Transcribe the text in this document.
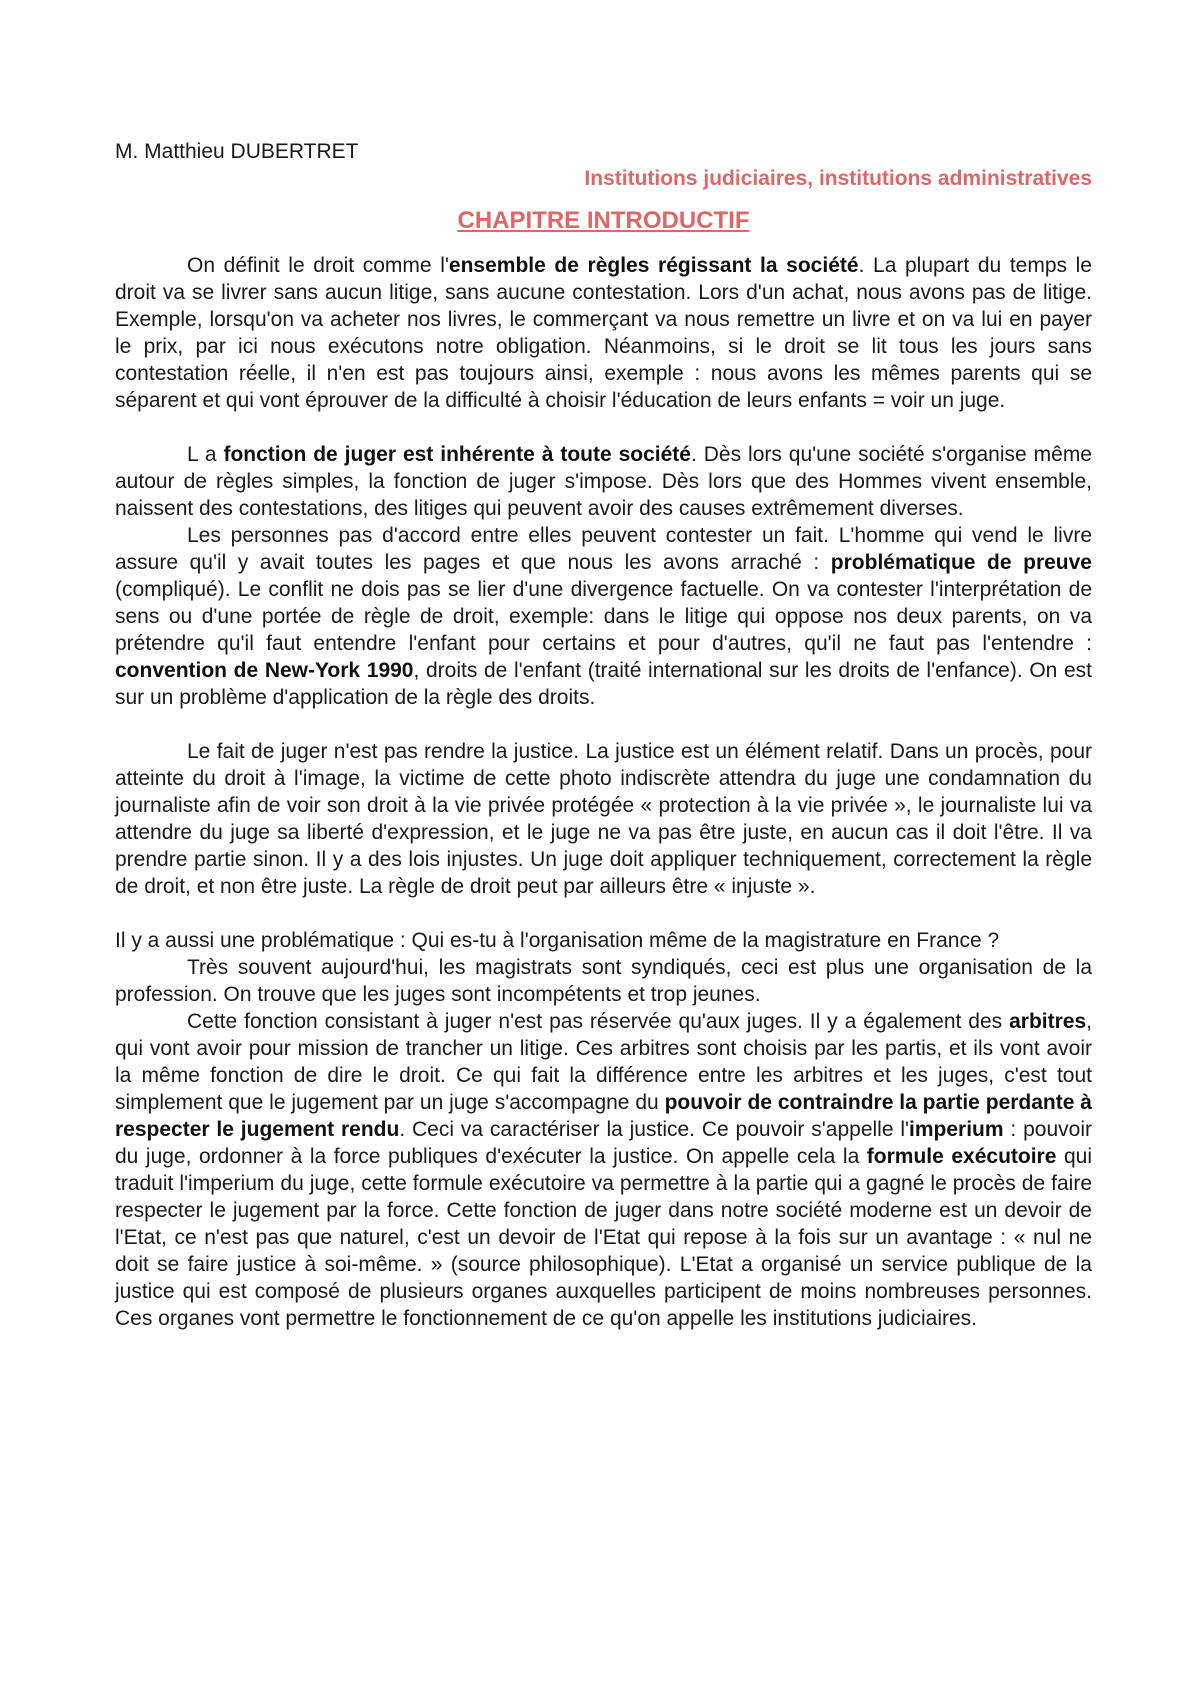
M. Matthieu DUBERTRET

Institutions judiciaires, institutions administratives

CHAPITRE INTRODUCTIF

On définit le droit comme l'ensemble de règles régissant la société. La plupart du temps le droit va se livrer sans aucun litige, sans aucune contestation. Lors d'un achat, nous avons pas de litige. Exemple, lorsqu'on va acheter nos livres, le commerçant va nous remettre un livre et on va lui en payer le prix, par ici nous exécutons notre obligation. Néanmoins, si le droit se lit tous les jours sans contestation réelle, il n'en est pas toujours ainsi, exemple : nous avons les mêmes parents qui se séparent et qui vont éprouver de la difficulté à choisir l'éducation de leurs enfants = voir un juge.

L a fonction de juger est inhérente à toute société. Dès lors qu'une société s'organise même autour de règles simples, la fonction de juger s'impose. Dès lors que des Hommes vivent ensemble, naissent des contestations, des litiges qui peuvent avoir des causes extrêmement diverses.

Les personnes pas d'accord entre elles peuvent contester un fait. L'homme qui vend le livre assure qu'il y avait toutes les pages et que nous les avons arraché : problématique de preuve (compliqué). Le conflit ne dois pas se lier d'une divergence factuelle. On va contester l'interprétation de sens ou d'une portée de règle de droit, exemple: dans le litige qui oppose nos deux parents, on va prétendre qu'il faut entendre l'enfant pour certains et pour d'autres, qu'il ne faut pas l'entendre : convention de New-York 1990, droits de l'enfant (traité international sur les droits de l'enfance). On est sur un problème d'application de la règle des droits.

Le fait de juger n'est pas rendre la justice. La justice est un élément relatif. Dans un procès, pour atteinte du droit à l'image, la victime de cette photo indiscrète attendra du juge une condamnation du journaliste afin de voir son droit à la vie privée protégée « protection à la vie privée », le journaliste lui va attendre du juge sa liberté d'expression, et le juge ne va pas être juste, en aucun cas il doit l'être. Il va prendre partie sinon. Il y a des lois injustes. Un juge doit appliquer techniquement, correctement la règle de droit, et non être juste. La règle de droit peut par ailleurs être « injuste ».

Il y a aussi une problématique : Qui es-tu à l'organisation même de la magistrature en France ?

Très souvent aujourd'hui, les magistrats sont syndiqués, ceci est plus une organisation de la profession. On trouve que les juges sont incompétents et trop jeunes.

Cette fonction consistant à juger n'est pas réservée qu'aux juges. Il y a également des arbitres, qui vont avoir pour mission de trancher un litige. Ces arbitres sont choisis par les partis, et ils vont avoir la même fonction de dire le droit. Ce qui fait la différence entre les arbitres et les juges, c'est tout simplement que le jugement par un juge s'accompagne du pouvoir de contraindre la partie perdante à respecter le jugement rendu. Ceci va caractériser la justice. Ce pouvoir s'appelle l'imperium : pouvoir du juge, ordonner à la force publiques d'exécuter la justice. On appelle cela la formule exécutoire qui traduit l'imperium du juge, cette formule exécutoire va permettre à la partie qui a gagné le procès de faire respecter le jugement par la force. Cette fonction de juger dans notre société moderne est un devoir de l'Etat, ce n'est pas que naturel, c'est un devoir de l'Etat qui repose à la fois sur un avantage : « nul ne doit se faire justice à soi-même. » (source philosophique). L'Etat a organisé un service publique de la justice qui est composé de plusieurs organes auxquelles participent de moins nombreuses personnes. Ces organes vont permettre le fonctionnement de ce qu'on appelle les institutions judiciaires.
